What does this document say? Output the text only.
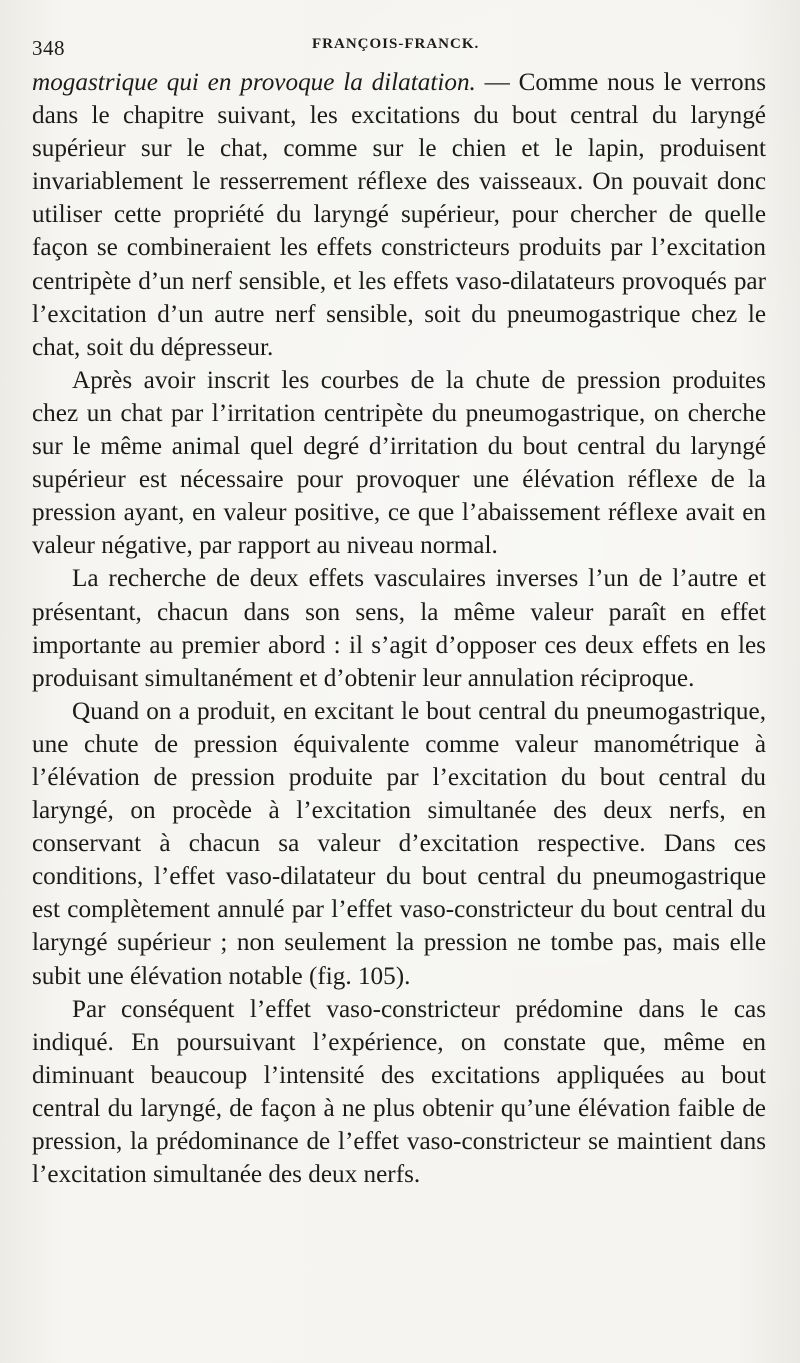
348	FRANÇOIS-FRANCK.

mogastrique qui en provoque la dilatation. — Comme nous le verrons dans le chapitre suivant, les excitations du bout central du laryngé supérieur sur le chat, comme sur le chien et le lapin, produisent invariablement le resserrement réflexe des vaisseaux. On pouvait donc utiliser cette propriété du laryngé supérieur, pour chercher de quelle façon se combineraient les effets constricteurs produits par l’excitation centripète d’un nerf sensible, et les effets vaso-dilatateurs provoqués par l’excitation d’un autre nerf sensible, soit du pneumogastrique chez le chat, soit du dépresseur.

Après avoir inscrit les courbes de la chute de pression produites chez un chat par l’irritation centripète du pneumogastrique, on cherche sur le même animal quel degré d’irritation du bout central du laryngé supérieur est nécessaire pour provoquer une élévation réflexe de la pression ayant, en valeur positive, ce que l’abaissement réflexe avait en valeur négative, par rapport au niveau normal.

La recherche de deux effets vasculaires inverses l’un de l’autre et présentant, chacun dans son sens, la même valeur paraît en effet importante au premier abord : il s’agit d’opposer ces deux effets en les produisant simultanément et d’obtenir leur annulation réciproque.

Quand on a produit, en excitant le bout central du pneumogastrique, une chute de pression équivalente comme valeur manométrique à l’élévation de pression produite par l’excitation du bout central du laryngé, on procède à l’excitation simultanée des deux nerfs, en conservant à chacun sa valeur d’excitation respective. Dans ces conditions, l’effet vaso-dilatateur du bout central du pneumogastrique est complètement annulé par l’effet vaso-constricteur du bout central du laryngé supérieur ; non seulement la pression ne tombe pas, mais elle subit une élévation notable (fig. 105).

Par conséquent l’effet vaso-constricteur prédomine dans le cas indiqué. En poursuivant l’expérience, on constate que, même en diminuant beaucoup l’intensité des excitations appliquées au bout central du laryngé, de façon à ne plus obtenir qu’une élévation faible de pression, la prédominance de l’effet vaso-constricteur se maintient dans l’excitation simultanée des deux nerfs.
